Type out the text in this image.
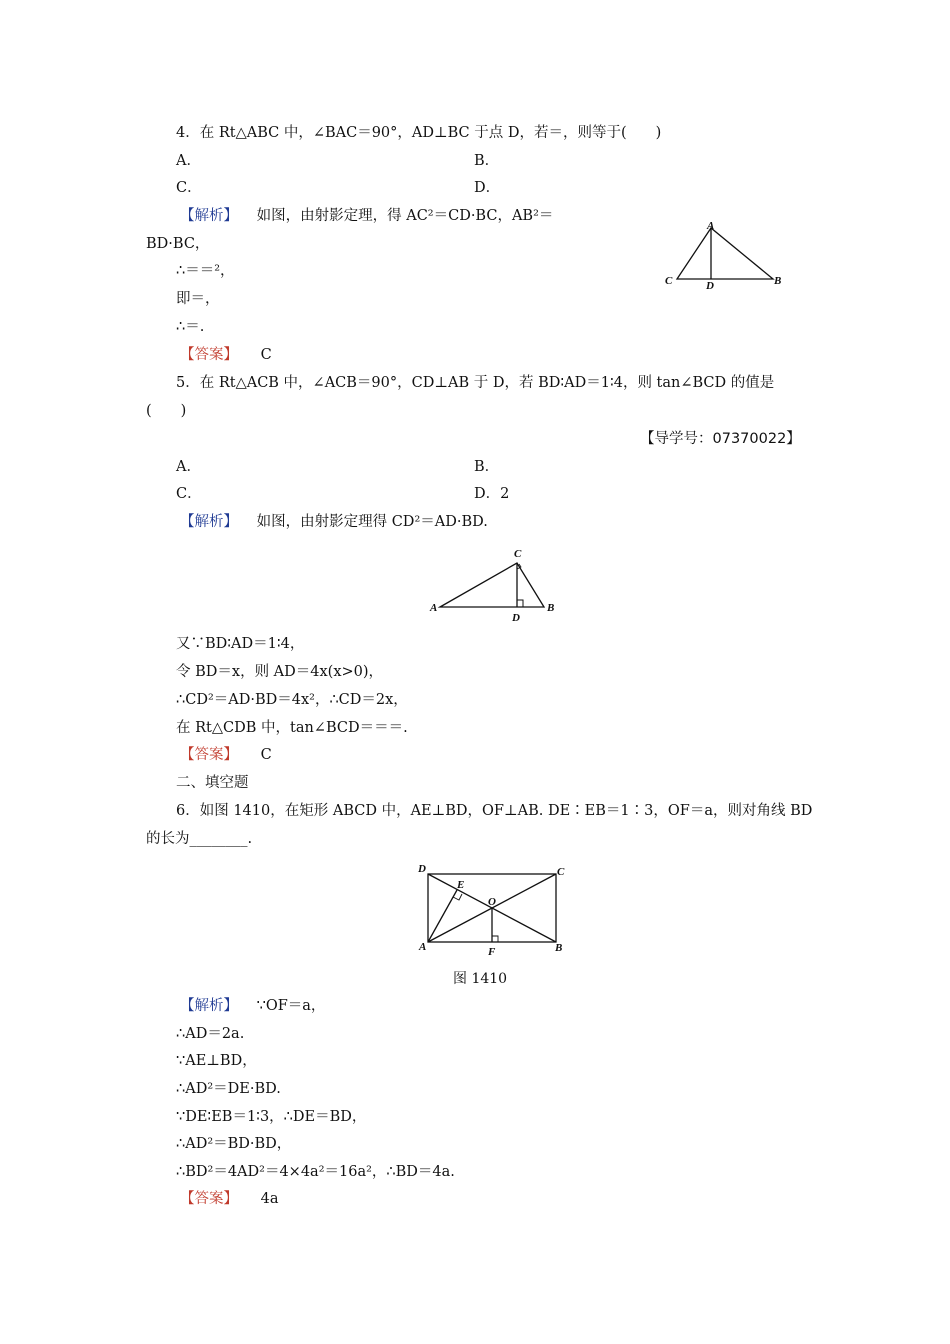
4．在 Rt△ABC 中，∠BAC＝90°，AD⊥BC 于点 D，若＝，则等于(　　)
A．	B．
C．	D．
【解析】 如图，由射影定理，得 AC²＝CD·BC，AB²＝
BD·BC，
∴＝＝²，
即＝，
∴＝.
【答案】 C
A
C	D	B
5．在 Rt△ACB 中，∠ACB＝90°，CD⊥AB 于 D，若 BD∶AD＝1∶4，则 tan∠BCD 的值是
(　　)
【导学号：07370022】
A．	B．
C．	D．2
【解析】 如图，由射影定理得 CD²＝AD·BD.
C
A
D
B
又∵BD∶AD＝1∶4，
令 BD＝x，则 AD＝4x(x>0)，
∴CD²＝AD·BD＝4x²，∴CD＝2x，
在 Rt△CDB 中，tan∠BCD＝＝＝.
【答案】 C
二、填空题
6．如图 1410，在矩形 ABCD 中，AE⊥BD，OF⊥AB. DE∶EB＝1∶3，OF＝a，则对角线 BD
的长为________.
D	C
E
O
A	B
F
图 1410
【解析】 ∵OF＝a，
∴AD＝2a.
∵AE⊥BD，
∴AD²＝DE·BD.
∵DE∶EB＝1∶3，∴DE＝BD，
∴AD²＝BD·BD，
∴BD²＝4AD²＝4×4a²＝16a²，∴BD＝4a.
【答案】 4a
